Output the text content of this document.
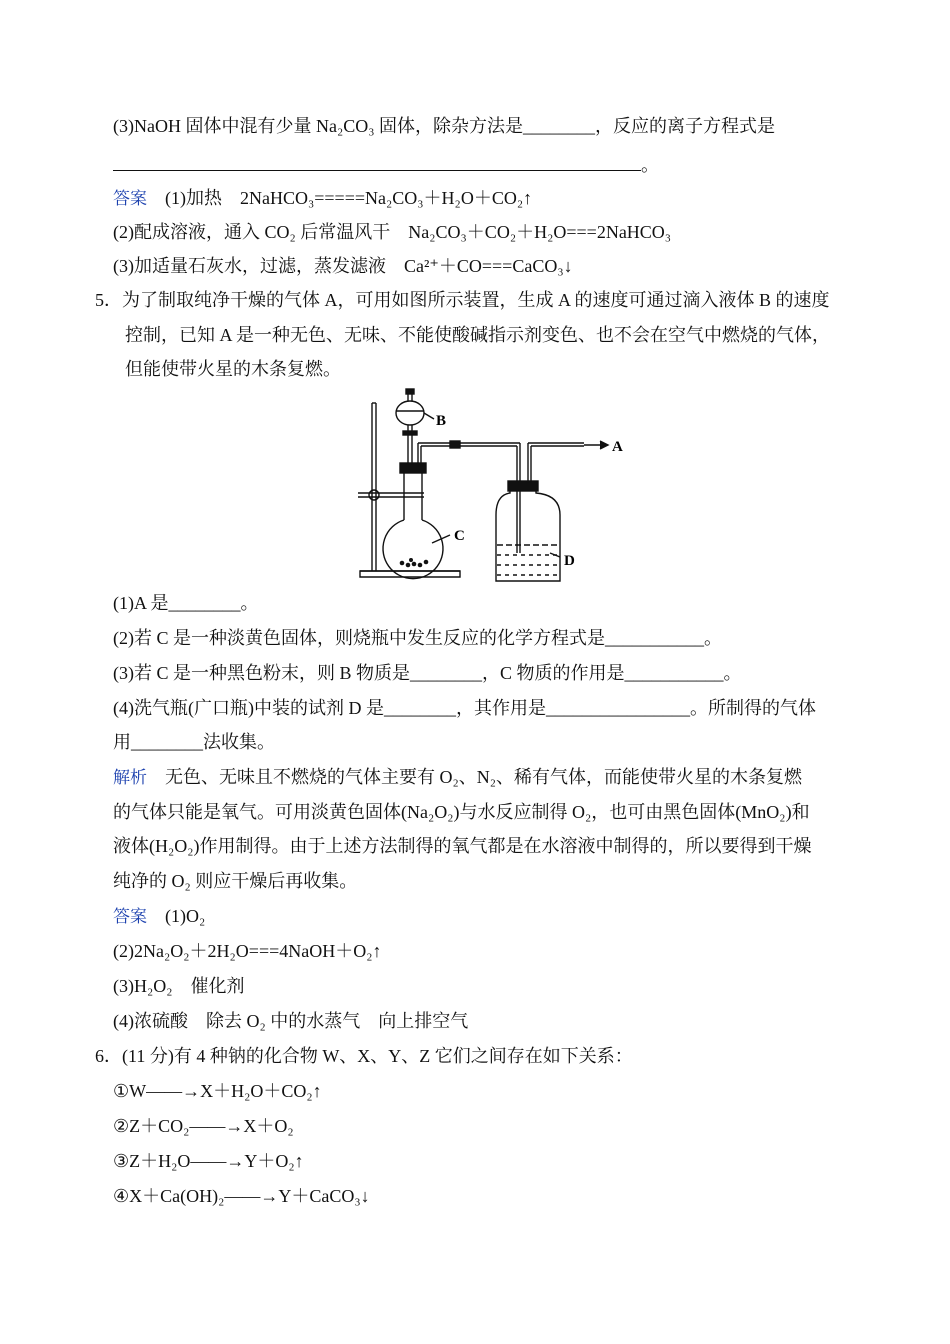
(3)NaOH 固体中混有少量 Na₂CO₃ 固体，除杂方法是________，反应的离子方程式是
。
答案　 (1)加热　2NaHCO₃=====Na₂CO₃＋H₂O＋CO₂↑
(2)配成溶液，通入 CO₂ 后常温风干　Na₂CO₃＋CO₂＋H₂O===2NaHCO₃
(3)加适量石灰水，过滤，蒸发滤液　Ca²⁺＋CO===CaCO₃↓
5．为了制取纯净干燥的气体 A，可用如图所示装置，生成 A 的速度可通过滴入液体 B 的速度
控制，已知 A 是一种无色、无味、不能使酸碱指示剂变色、也不会在空气中燃烧的气体，
但能使带火星的木条复燃。
B
A
C
D
(1)A 是________。
(2)若 C 是一种淡黄色固体，则烧瓶中发生反应的化学方程式是___________。
(3)若 C 是一种黑色粉末，则 B 物质是________，C 物质的作用是___________。
(4)洗气瓶(广口瓶)中装的试剂 D 是________，其作用是________________。所制得的气体
用________法收集。
解析　 无色、无味且不燃烧的气体主要有 O₂、N₂、稀有气体，而能使带火星的木条复燃
的气体只能是氧气。可用淡黄色固体(Na₂O₂)与水反应制得 O₂，也可由黑色固体(MnO₂)和
液体(H₂O₂)作用制得。由于上述方法制得的氧气都是在水溶液中制得的，所以要得到干燥
纯净的 O₂ 则应干燥后再收集。
答案　 (1)O₂
(2)2Na₂O₂＋2H₂O===4NaOH＋O₂↑
(3)H₂O₂　催化剂
(4)浓硫酸　除去 O₂ 中的水蒸气　向上排空气
6．(11 分)有 4 种钠的化合物 W、X、Y、Z 它们之间存在如下关系：
①W——→X＋H₂O＋CO₂↑
②Z＋CO₂——→X＋O₂
③Z＋H₂O——→Y＋O₂↑
④X＋Ca(OH)₂——→Y＋CaCO₃↓
